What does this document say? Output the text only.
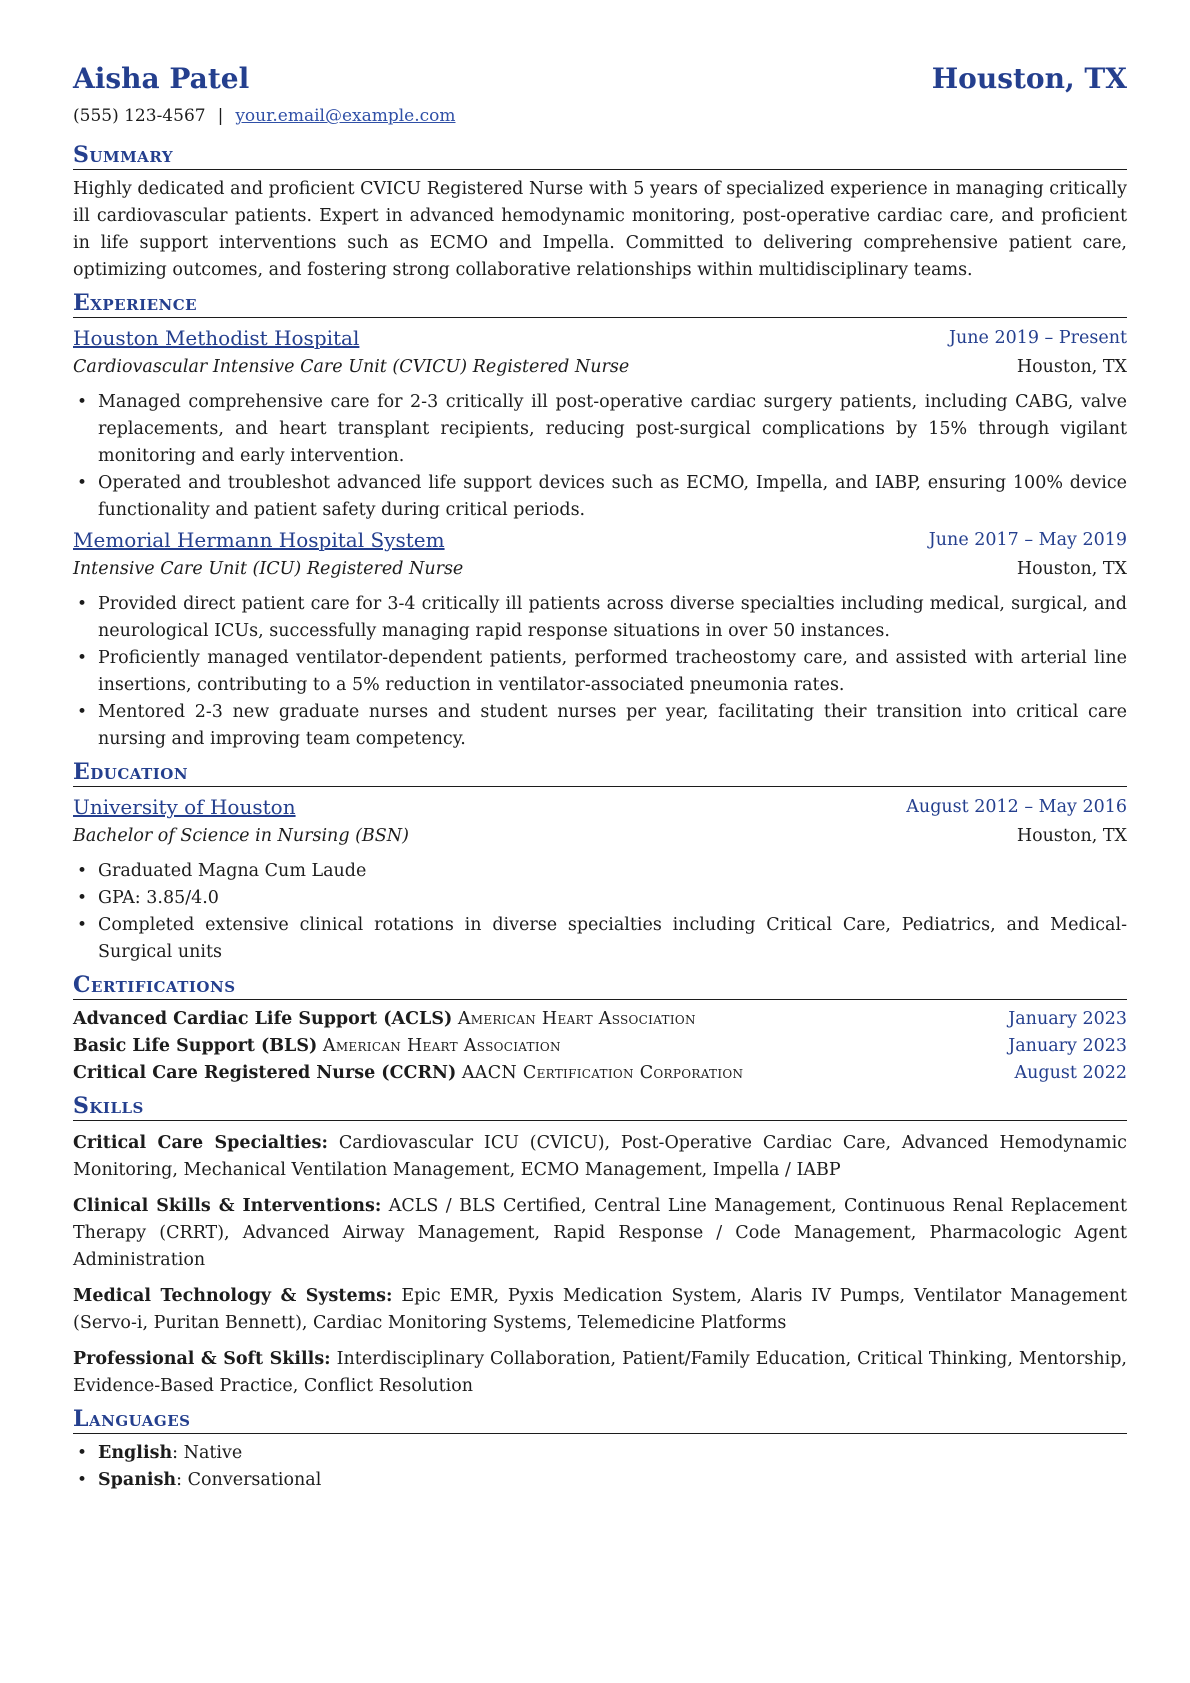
Aisha Patel	Houston, TX
(555) 123-4567 | your.email@example.com
Summary
Highly dedicated and proficient CVICU Registered Nurse with 5 years of specialized experience in managing critically ill cardiovascular patients. Expert in advanced hemodynamic monitoring, post-operative cardiac care, and proficient in life support interventions such as ECMO and Impella. Committed to delivering comprehensive patient care, optimizing outcomes, and fostering strong collaborative relationships within multidisciplinary teams.
Experience
Houston Methodist Hospital	June 2019 – Present
Cardiovascular Intensive Care Unit (CVICU) Registered Nurse	Houston, TX
• Managed comprehensive care for 2-3 critically ill post-operative cardiac surgery patients, including CABG, valve replacements, and heart transplant recipients, reducing post-surgical complications by 15% through vigilant monitoring and early intervention.
• Operated and troubleshot advanced life support devices such as ECMO, Impella, and IABP, ensuring 100% device functionality and patient safety during critical periods.
Memorial Hermann Hospital System	June 2017 – May 2019
Intensive Care Unit (ICU) Registered Nurse	Houston, TX
• Provided direct patient care for 3-4 critically ill patients across diverse specialties including medical, surgical, and neurological ICUs, successfully managing rapid response situations in over 50 instances.
• Proficiently managed ventilator-dependent patients, performed tracheostomy care, and assisted with arterial line insertions, contributing to a 5% reduction in ventilator-associated pneumonia rates.
• Mentored 2-3 new graduate nurses and student nurses per year, facilitating their transition into critical care nursing and improving team competency.
Education
University of Houston	August 2012 – May 2016
Bachelor of Science in Nursing (BSN)	Houston, TX
• Graduated Magna Cum Laude
• GPA: 3.85/4.0
• Completed extensive clinical rotations in diverse specialties including Critical Care, Pediatrics, and Medical-Surgical units
Certifications
Advanced Cardiac Life Support (ACLS) American Heart Association	January 2023
Basic Life Support (BLS) American Heart Association	January 2023
Critical Care Registered Nurse (CCRN) AACN Certification Corporation	August 2022
Skills
Critical Care Specialties: Cardiovascular ICU (CVICU), Post-Operative Cardiac Care, Advanced Hemodynamic Monitoring, Mechanical Ventilation Management, ECMO Management, Impella / IABP
Clinical Skills & Interventions: ACLS / BLS Certified, Central Line Management, Continuous Renal Replacement Therapy (CRRT), Advanced Airway Management, Rapid Response / Code Management, Pharmacologic Agent Administration
Medical Technology & Systems: Epic EMR, Pyxis Medication System, Alaris IV Pumps, Ventilator Management (Servo-i, Puritan Bennett), Cardiac Monitoring Systems, Telemedicine Platforms
Professional & Soft Skills: Interdisciplinary Collaboration, Patient/Family Education, Critical Thinking, Mentorship, Evidence-Based Practice, Conflict Resolution
Languages
• English: Native
• Spanish: Conversational
